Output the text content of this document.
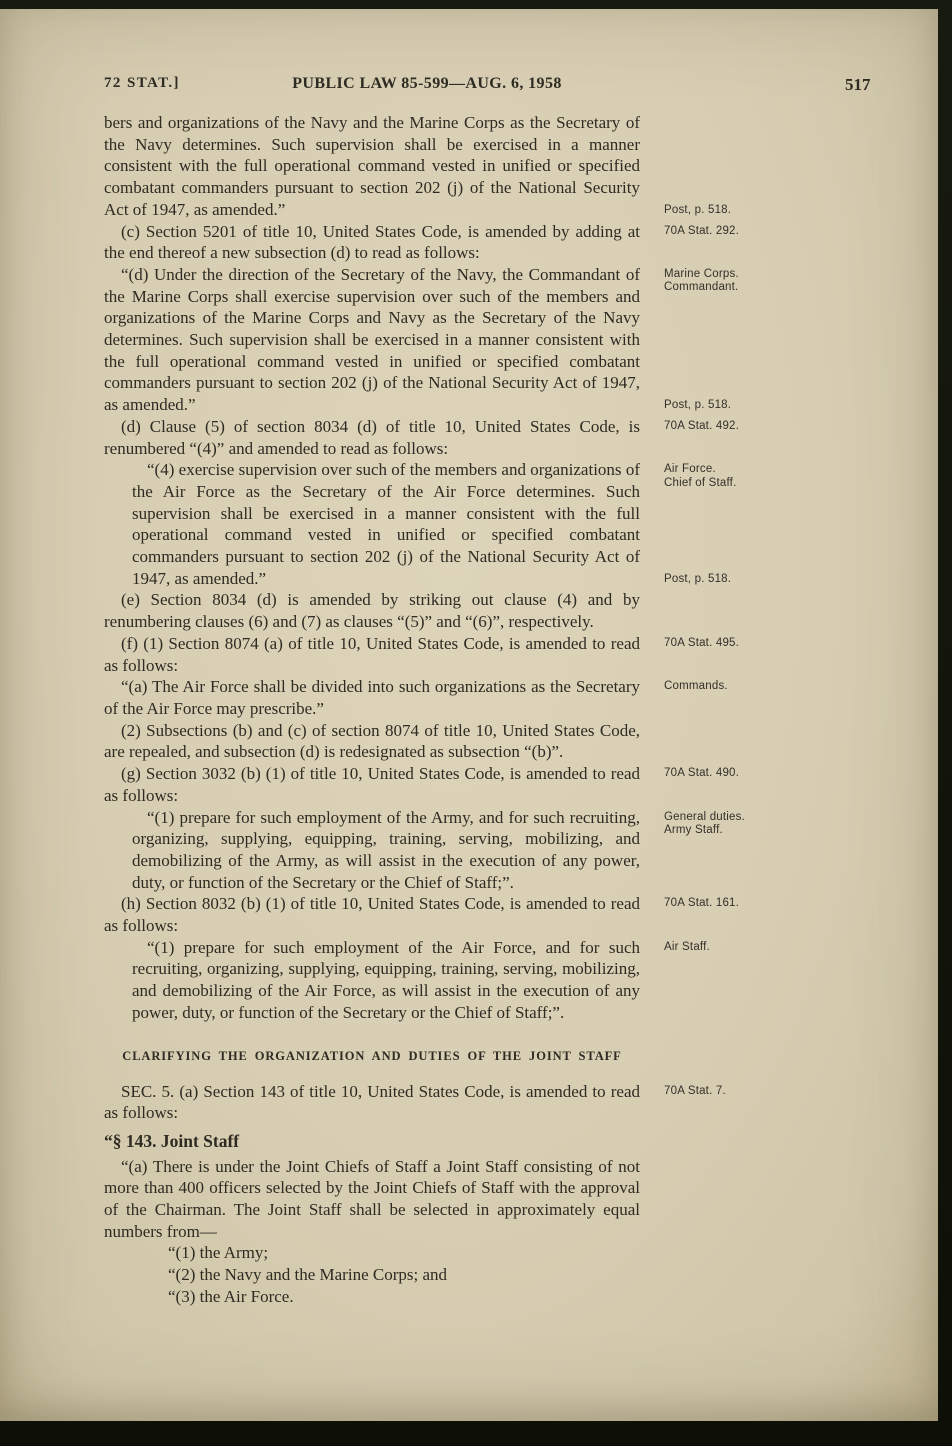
72 STAT.]	PUBLIC LAW 85-599—AUG. 6, 1958	517
bers and organizations of the Navy and the Marine Corps as the Secretary of the Navy determines. Such supervision shall be exercised in a manner consistent with the full operational command vested in unified or specified combatant commanders pursuant to section 202 (j) of the National Security Act of 1947, as amended.”	Post, p. 518.
(c) Section 5201 of title 10, United States Code, is amended by adding at the end thereof a new subsection (d) to read as follows:
70A Stat. 292.
“(d) Under the direction of the Secretary of the Navy, the Commandant of the Marine Corps shall exercise supervision over such of the members and organizations of the Marine Corps and Navy as the Secretary of the Navy determines. Such supervision shall be exercised in a manner consistent with the full operational command vested in unified or specified combatant commanders pursuant to section 202 (j) of the National Security Act of 1947, as amended.”
Marine Corps.
Commandant.
Post, p. 518.
(d) Clause (5) of section 8034 (d) of title 10, United States Code, is renumbered “(4)” and amended to read as follows:
70A Stat. 492.
“(4) exercise supervision over such of the members and organizations of the Air Force as the Secretary of the Air Force determines. Such supervision shall be exercised in a manner consistent with the full operational command vested in unified or specified combatant commanders pursuant to section 202 (j) of the National Security Act of 1947, as amended.”
Air Force.
Chief of Staff.
Post, p. 518.
(e) Section 8034 (d) is amended by striking out clause (4) and by renumbering clauses (6) and (7) as clauses “(5)” and “(6)”, respectively.
(f) (1) Section 8074 (a) of title 10, United States Code, is amended to read as follows:
70A Stat. 495.
“(a) The Air Force shall be divided into such organizations as the Secretary of the Air Force may prescribe.”
Commands.
(2) Subsections (b) and (c) of section 8074 of title 10, United States Code, are repealed, and subsection (d) is redesignated as subsection “(b)”.
(g) Section 3032 (b) (1) of title 10, United States Code, is amended to read as follows:
70A Stat. 490.
“(1) prepare for such employment of the Army, and for such recruiting, organizing, supplying, equipping, training, serving, mobilizing, and demobilizing of the Army, as will assist in the execution of any power, duty, or function of the Secretary or the Chief of Staff;”.
General duties.
Army Staff.
(h) Section 8032 (b) (1) of title 10, United States Code, is amended to read as follows:
70A Stat. 161.
“(1) prepare for such employment of the Air Force, and for such recruiting, organizing, supplying, equipping, training, serving, mobilizing, and demobilizing of the Air Force, as will assist in the execution of any power, duty, or function of the Secretary or the Chief of Staff;”.
Air Staff.
CLARIFYING THE ORGANIZATION AND DUTIES OF THE JOINT STAFF
SEC. 5. (a) Section 143 of title 10, United States Code, is amended to read as follows:
70A Stat. 7.
“§ 143. Joint Staff
“(a) There is under the Joint Chiefs of Staff a Joint Staff consisting of not more than 400 officers selected by the Joint Chiefs of Staff with the approval of the Chairman. The Joint Staff shall be selected in approximately equal numbers from—
“(1) the Army;
“(2) the Navy and the Marine Corps; and
“(3) the Air Force.
